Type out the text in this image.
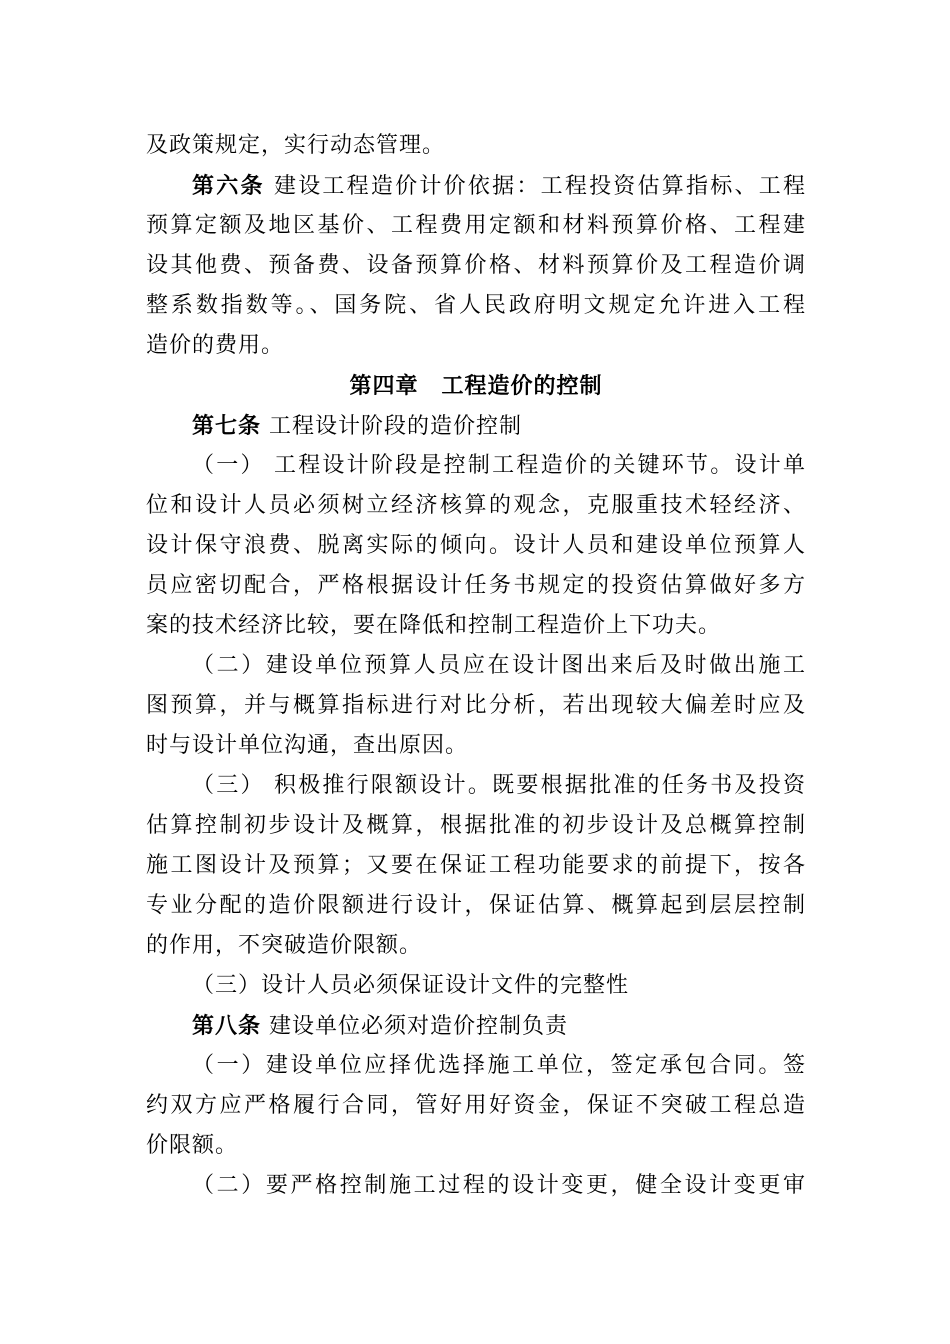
及政策规定，实行动态管理。
第六条 建设工程造价计价依据：工程投资估算指标、工程
预算定额及地区基价、工程费用定额和材料预算价格、工程建
设其他费、预备费、设备预算价格、材料预算价及工程造价调
整系数指数等。、国务院、省人民政府明文规定允许进入工程
造价的费用。
第四章　工程造价的控制
第七条 工程设计阶段的造价控制
（一） 工程设计阶段是控制工程造价的关键环节。设计单
位和设计人员必须树立经济核算的观念，克服重技术轻经济、
设计保守浪费、脱离实际的倾向。设计人员和建设单位预算人
员应密切配合，严格根据设计任务书规定的投资估算做好多方
案的技术经济比较，要在降低和控制工程造价上下功夫。
（二）建设单位预算人员应在设计图出来后及时做出施工
图预算，并与概算指标进行对比分析，若出现较大偏差时应及
时与设计单位沟通，查出原因。
（三） 积极推行限额设计。既要根据批准的任务书及投资
估算控制初步设计及概算，根据批准的初步设计及总概算控制
施工图设计及预算；又要在保证工程功能要求的前提下，按各
专业分配的造价限额进行设计，保证估算、概算起到层层控制
的作用，不突破造价限额。
（三）设计人员必须保证设计文件的完整性
第八条 建设单位必须对造价控制负责
（一）建设单位应择优选择施工单位，签定承包合同。签
约双方应严格履行合同，管好用好资金，保证不突破工程总造
价限额。
（二）要严格控制施工过程的设计变更，健全设计变更审
